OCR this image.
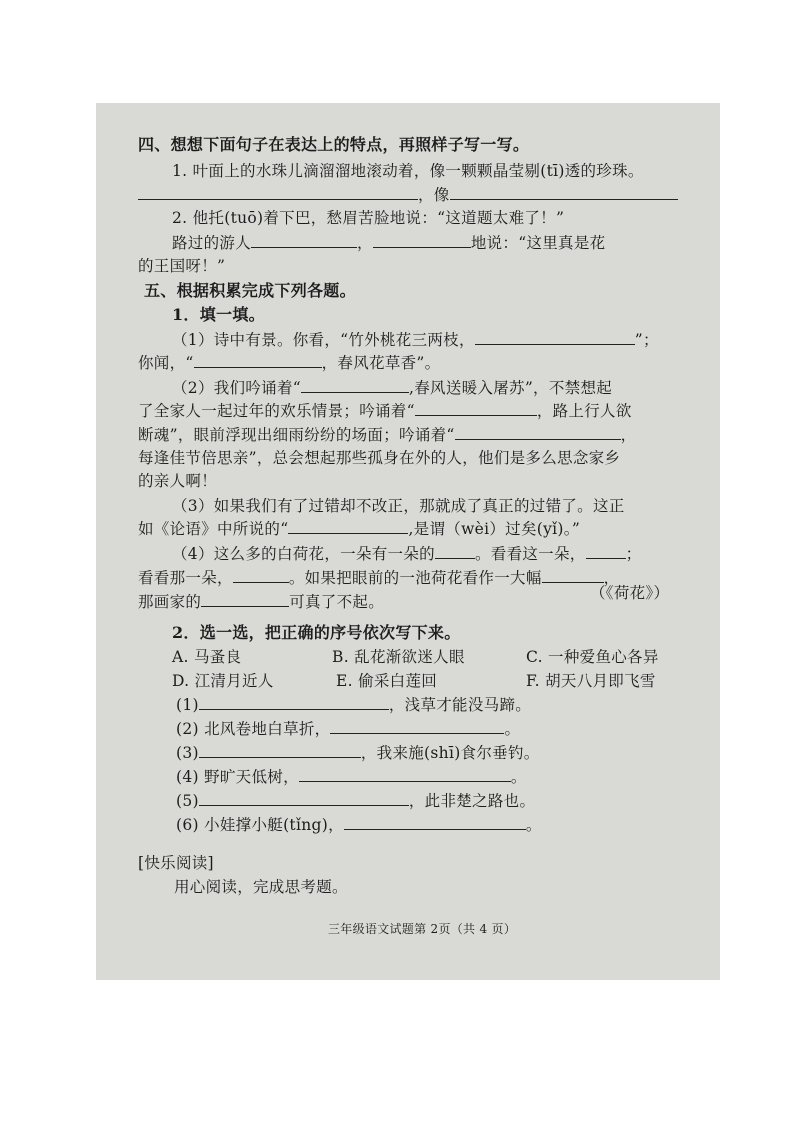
四、想想下面句子在表达上的特点，再照样子写一写。
1. 叶面上的水珠儿滴溜溜地滚动着，像一颗颗晶莹剔(tī)透的珍珠。
，像
2. 他托(tuō)着下巴，愁眉苦脸地说：“这道题太难了！”
路过的游人	，	地说：“这里真是花
的王国呀！”
五、根据积累完成下列各题。
1．填一填。
（1）诗中有景。你看，“竹外桃花三两枝，	”；
你闻，“	，春风花草香”。
（2）我们吟诵着“	,春风送暖入屠苏”，不禁想起
了全家人一起过年的欢乐情景；吟诵着“	，路上行人欲
断魂”，眼前浮现出细雨纷纷的场面；吟诵着“	，
每逢佳节倍思亲”，总会想起那些孤身在外的人，他们是多么思念家乡
的亲人啊！
（3）如果我们有了过错却不改正，那就成了真正的过错了。这正
如《论语》中所说的“	,是谓（wèi）过矣(yǐ)。”
（4）这么多的白荷花，一朵有一朵的	。看看这一朵，	；
看看那一朵，	。如果把眼前的一池荷花看作一大幅	，
那画家的	可真了不起。	（《荷花》）
2．选一选，把正确的序号依次写下来。
A. 马蚤良	B. 乱花渐欲迷人眼	C. 一种爱鱼心各异
D. 江清月近人	E. 偷采白莲回	F. 胡天八月即飞雪
(1)	，浅草才能没马蹄。
(2) 北风卷地白草折，	。
(3)	，我来施(shī)食尔垂钓。
(4) 野旷天低树，	。
(5)	，此非楚之路也。
(6) 小娃撑小艇(tǐng)，	。
[快乐阅读]
用心阅读，完成思考题。
三年级语文试题第 2页（共 4 页）
